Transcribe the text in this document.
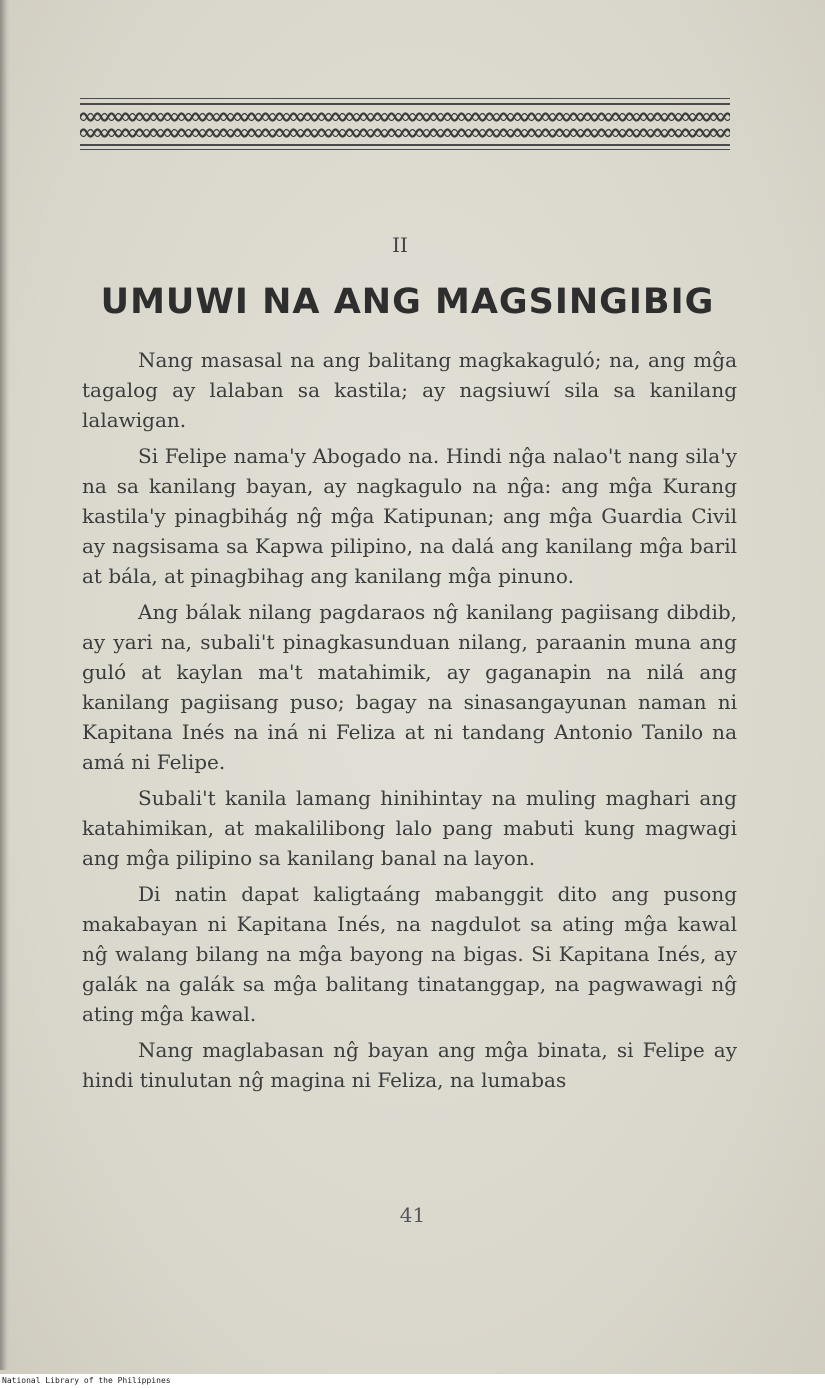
II
UMUWI NA ANG MAGSINGIBIG

Nang masasal na ang balitang magkakaguló; na, ang mĝa tagalog ay lalaban sa kastila; ay nagsiuwí sila sa kanilang lalawigan.

Si Felipe nama'y Abogado na. Hindi nĝa nalao't nang sila'y na sa kanilang bayan, ay nagkagulo na nĝa: ang mĝa Kurang kastila'y pinagbihág nĝ mĝa Katipunan; ang mĝa Guardia Civil ay nagsisama sa Kapwa pilipino, na dalá ang kanilang mĝa baril at bála, at pinagbihag ang kanilang mĝa pinuno.

Ang bálak nilang pagdaraos nĝ kanilang pagiisang dibdib, ay yari na, subali't pinagkasunduan nilang, paraanin muna ang guló at kaylan ma't matahimik, ay gaganapin na nilá ang kanilang pagiisang puso; bagay na sinasangayunan naman ni Kapitana Inés na iná ni Feliza at ni tandang Antonio Tanilo na amá ni Felipe.

Subali't kanila lamang hinihintay na muling maghari ang katahimikan, at makalilibong lalo pang mabuti kung magwagi ang mĝa pilipino sa kanilang banal na layon.

Di natin dapat kaligtaáng mabanggit dito ang pusong makabayan ni Kapitana Inés, na nagdulot sa ating mĝa kawal nĝ walang bilang na mĝa bayong na bigas. Si Kapitana Inés, ay galák na galák sa mĝa balitang tinatanggap, na pagwawagi nĝ ating mĝa kawal.

Nang maglabasan nĝ bayan ang mĝa binata, si Felipe ay hindi tinulutan nĝ magina ni Feliza, na lumabas

41
National Library of the Philippines
